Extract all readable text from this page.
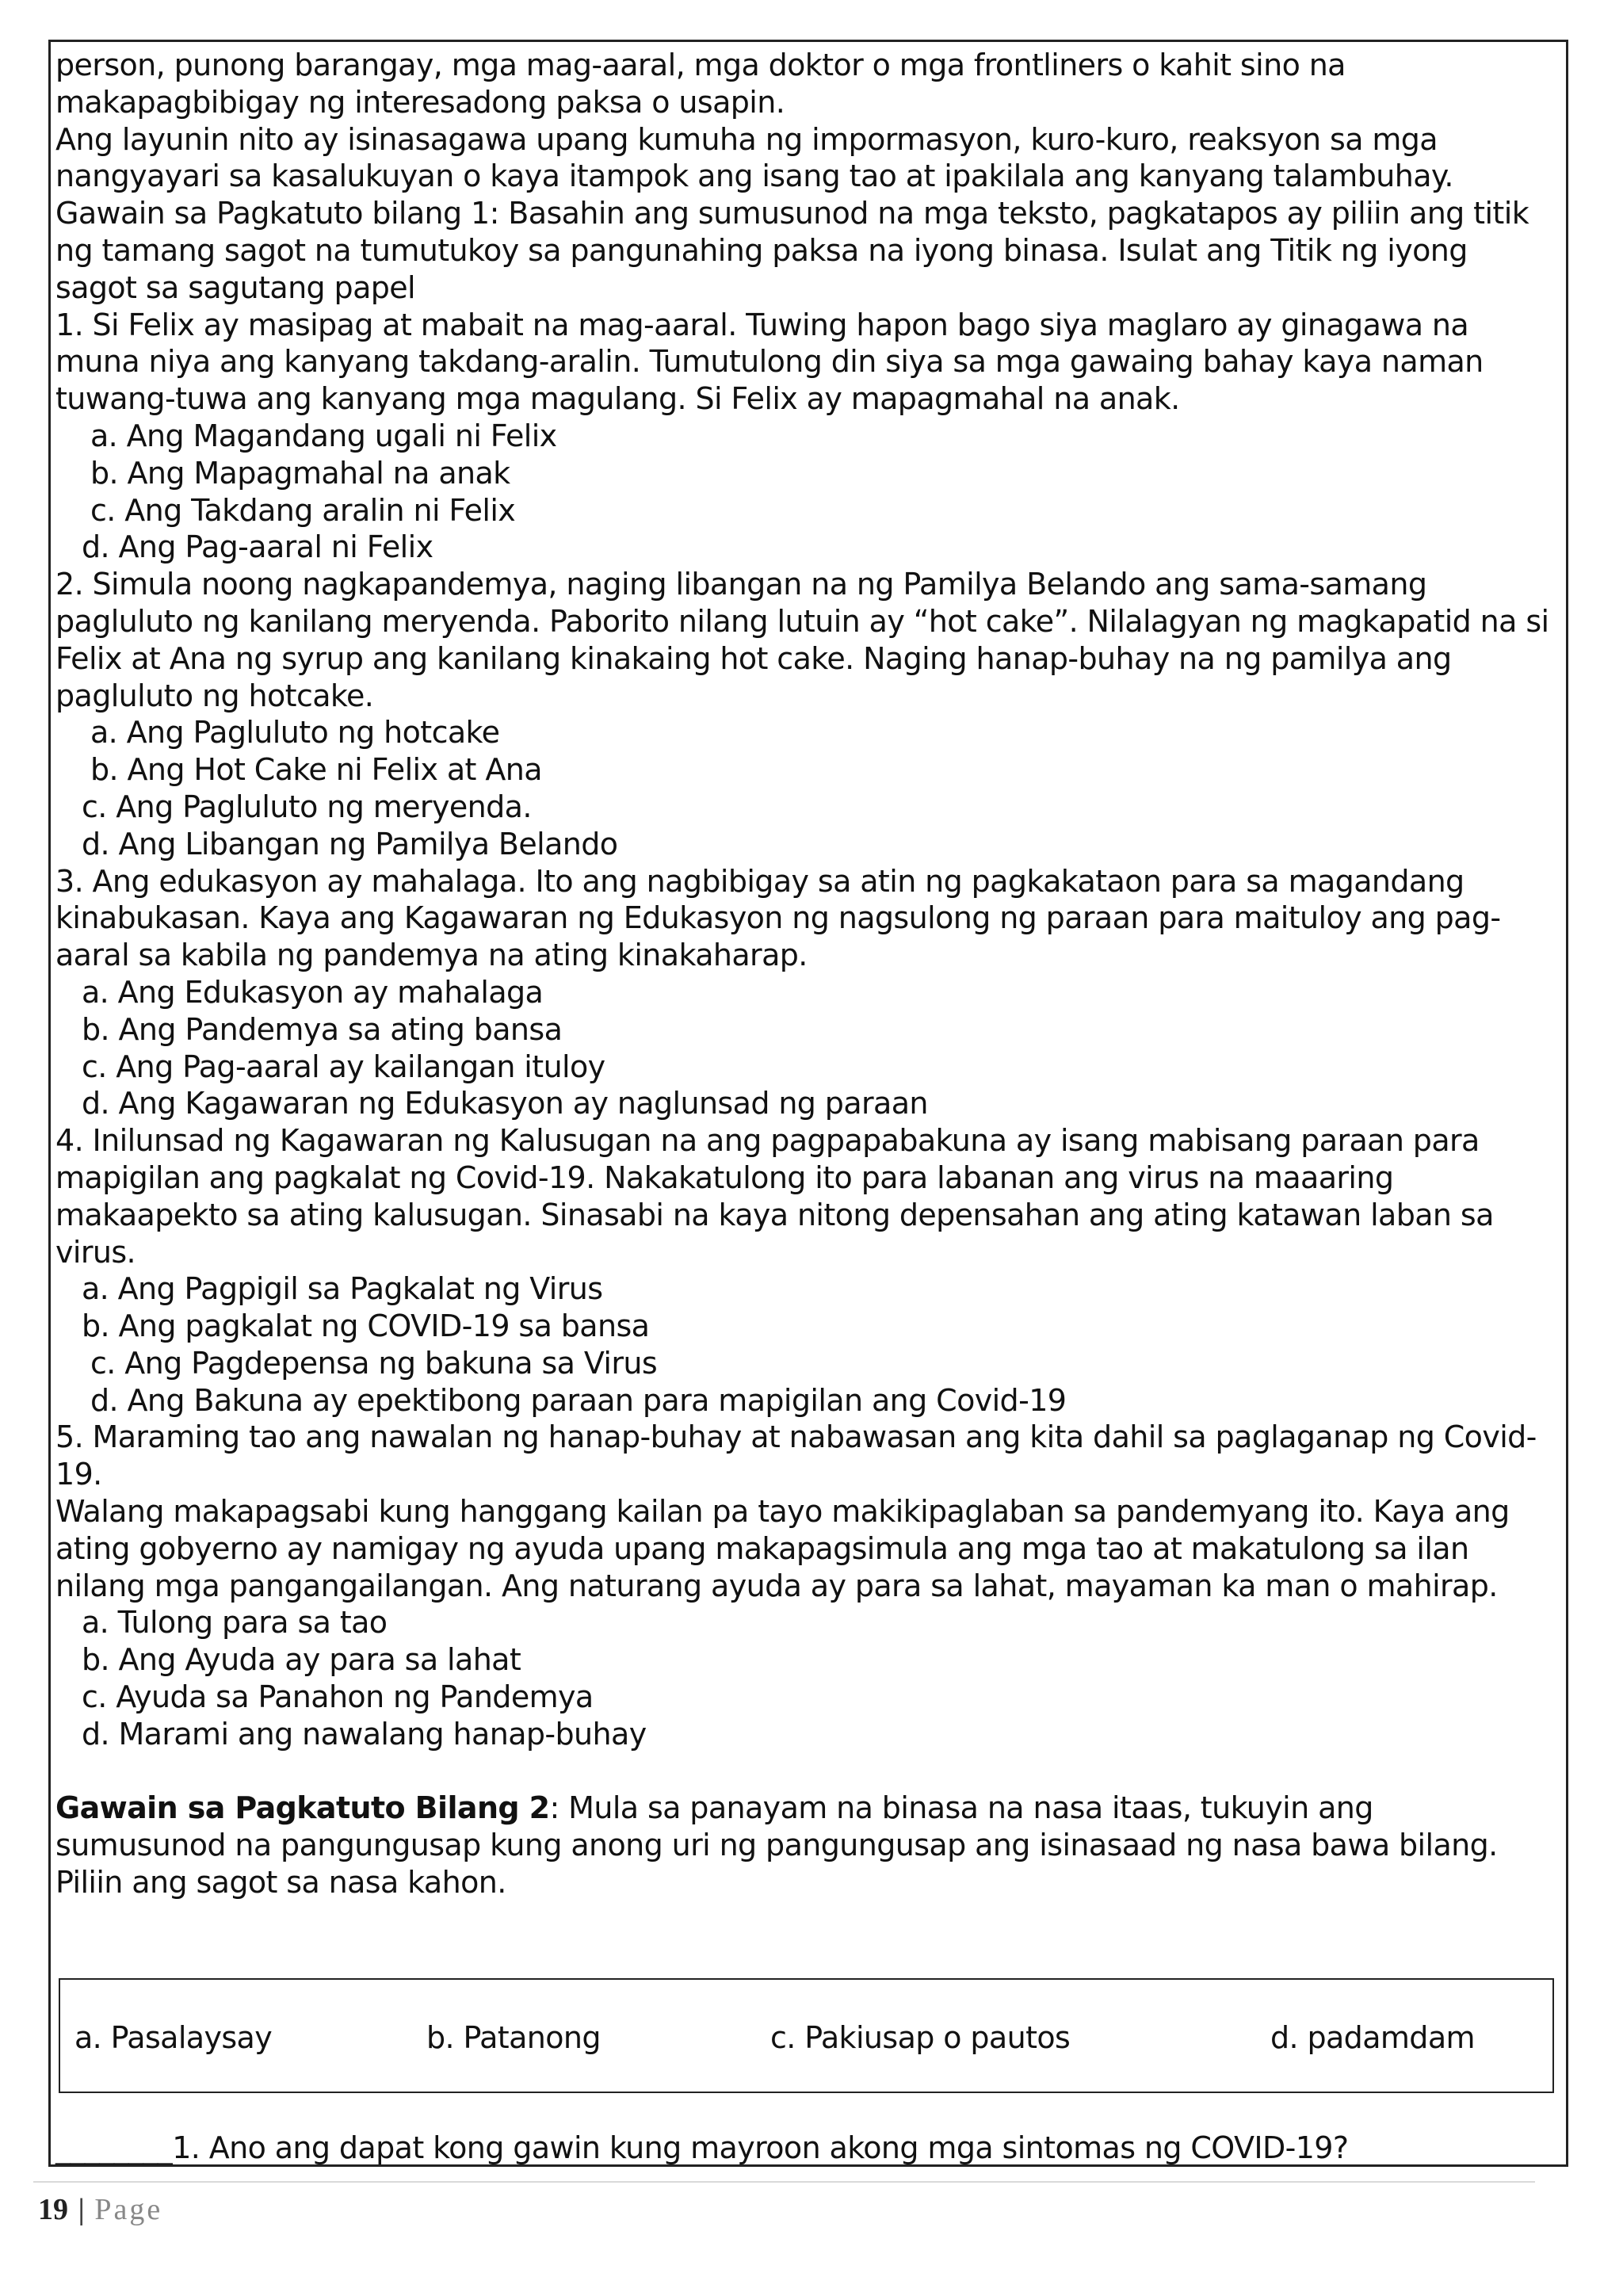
person, punong barangay, mga mag-aaral, mga doktor o mga frontliners o kahit sino na makapagbibigay ng interesadong paksa o usapin.

Ang layunin nito ay isinasagawa upang kumuha ng impormasyon, kuro-kuro, reaksyon sa mga nangyayari sa kasalukuyan o kaya itampok ang isang tao at ipakilala ang kanyang talambuhay.

Gawain sa Pagkatuto bilang 1: Basahin ang sumusunod na mga teksto, pagkatapos ay piliin ang titik ng tamang sagot na tumutukoy sa pangunahing paksa na iyong binasa. Isulat ang Titik ng iyong sagot sa sagutang papel

1. Si Felix ay masipag at mabait na mag-aaral. Tuwing hapon bago siya maglaro ay ginagawa na muna niya ang kanyang takdang-aralin. Tumutulong din siya sa mga gawaing bahay kaya naman tuwang-tuwa ang kanyang mga magulang. Si Felix ay mapagmahal na anak.

a. Ang Magandang ugali ni Felix
b. Ang Mapagmahal na anak
c. Ang Takdang aralin ni Felix
d. Ang Pag-aaral ni Felix

2. Simula noong nagkapandemya, naging libangan na ng Pamilya Belando ang sama-samang pagluluto ng kanilang meryenda. Paborito nilang lutuin ay “hot cake”. Nilalagyan ng magkapatid na si Felix at Ana ng syrup ang kanilang kinakaing hot cake. Naging hanap-buhay na ng pamilya ang pagluluto ng hotcake.

a. Ang Pagluluto ng hotcake
b. Ang Hot Cake ni Felix at Ana
c. Ang Pagluluto ng meryenda.
d. Ang Libangan ng Pamilya Belando

3. Ang edukasyon ay mahalaga. Ito ang nagbibigay sa atin ng pagkakataon para sa magandang kinabukasan. Kaya ang Kagawaran ng Edukasyon ng nagsulong ng paraan para maituloy ang pag-aaral sa kabila ng pandemya na ating kinakaharap.

a. Ang Edukasyon ay mahalaga
b. Ang Pandemya sa ating bansa
c. Ang Pag-aaral ay kailangan ituloy
d. Ang Kagawaran ng Edukasyon ay naglunsad ng paraan

4. Inilunsad ng Kagawaran ng Kalusugan na ang pagpapabakuna ay isang mabisang paraan para mapigilan ang pagkalat ng Covid-19. Nakakatulong ito para labanan ang virus na maaaring makaapekto sa ating kalusugan. Sinasabi na kaya nitong depensahan ang ating katawan laban sa virus.

a. Ang Pagpigil sa Pagkalat ng Virus
b. Ang pagkalat ng COVID-19 sa bansa
c. Ang Pagdepensa ng bakuna sa Virus
d. Ang Bakuna ay epektibong paraan para mapigilan ang Covid-19

5. Maraming tao ang nawalan ng hanap-buhay at nabawasan ang kita dahil sa paglaganap ng Covid-19.

Walang makapagsabi kung hanggang kailan pa tayo makikipaglaban sa pandemyang ito. Kaya ang ating gobyerno ay namigay ng ayuda upang makapagsimula ang mga tao at makatulong sa ilan nilang mga pangangailangan. Ang naturang ayuda ay para sa lahat, mayaman ka man o mahirap.

a. Tulong para sa tao
b. Ang Ayuda ay para sa lahat
c. Ayuda sa Panahon ng Pandemya
d. Marami ang nawalang hanap-buhay

Gawain sa Pagkatuto Bilang 2: Mula sa panayam na binasa na nasa itaas, tukuyin ang sumusunod na pangungusap kung anong uri ng pangungusap ang isinasaad ng nasa bawa bilang. Piliin ang sagot sa nasa kahon.

a. Pasalaysay	b. Patanong	c. Pakiusap o pautos	d. padamdam
________1. Ano ang dapat kong gawin kung mayroon akong mga sintomas ng COVID-19?
19 | Page
